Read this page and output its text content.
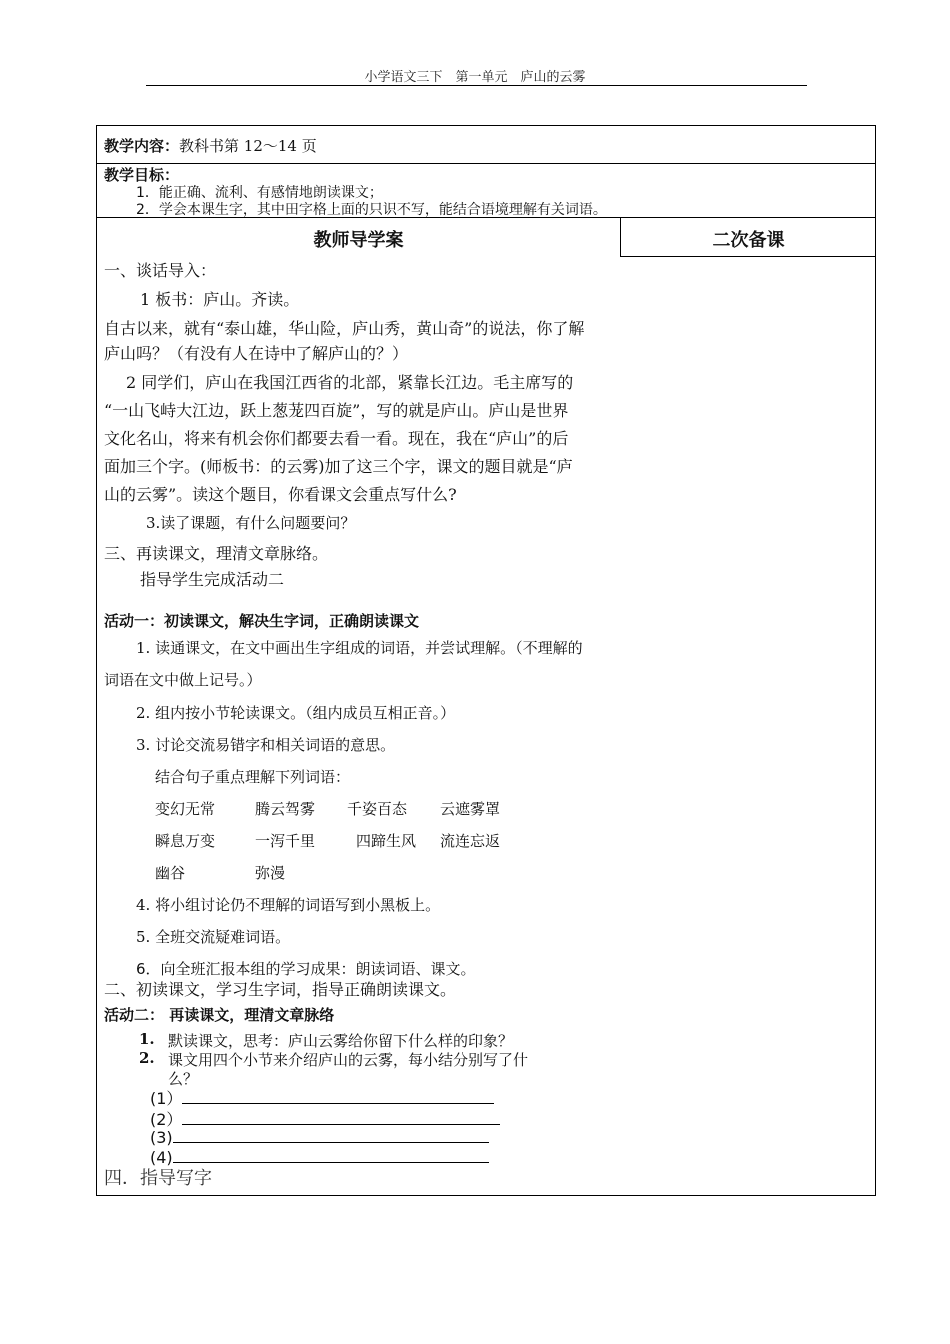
小学语文三下　第一单元　庐山的云雾
教学内容：教科书第 12～14 页
教学目标：
1．能正确、流利、有感情地朗读课文；
2．学会本课生字，其中田字格上面的只识不写，能结合语境理解有关词语。
教师导学案	二次备课
一、谈话导入：
1 板书：庐山。齐读。
自古以来，就有“泰山雄，华山险，庐山秀，黄山奇”的说法，你了解
庐山吗？（有没有人在诗中了解庐山的？）
2 同学们，庐山在我国江西省的北部，紧靠长江边。毛主席写的
“一山飞峙大江边，跃上葱茏四百旋”，写的就是庐山。庐山是世界
文化名山，将来有机会你们都要去看一看。现在，我在“庐山”的后
面加三个字。(师板书：的云雾)加了这三个字，课文的题目就是“庐
山的云雾”。读这个题目，你看课文会重点写什么?
3.读了课题，有什么问题要问？
三、再读课文，理清文章脉络。
指导学生完成活动二
活动一：初读课文，解决生字词，正确朗读课文
1. 读通课文，在文中画出生字组成的词语，并尝试理解。（不理解的
词语在文中做上记号。）
2. 组内按小节轮读课文。（组内成员互相正音。）
3. 讨论交流易错字和相关词语的意思。
结合句子重点理解下列词语：
变幻无常	腾云驾雾 千姿百态 云遮雾罩
瞬息万变	一泻千里	四蹄生风 流连忘返
幽谷	弥漫
4. 将小组讨论仍不理解的词语写到小黑板上。
5. 全班交流疑难词语。
6．向全班汇报本组的学习成果：朗读词语、课文。
二、初读课文，学习生字词，指导正确朗读课文。
活动二： 再读课文，理清文章脉络
1. 默读课文，思考：庐山云雾给你留下什么样的印象？
2. 课文用四个小节来介绍庐山的云雾，每小结分别写了什
么？
(1）
(2）
(3)
(4)
四．指导写字
